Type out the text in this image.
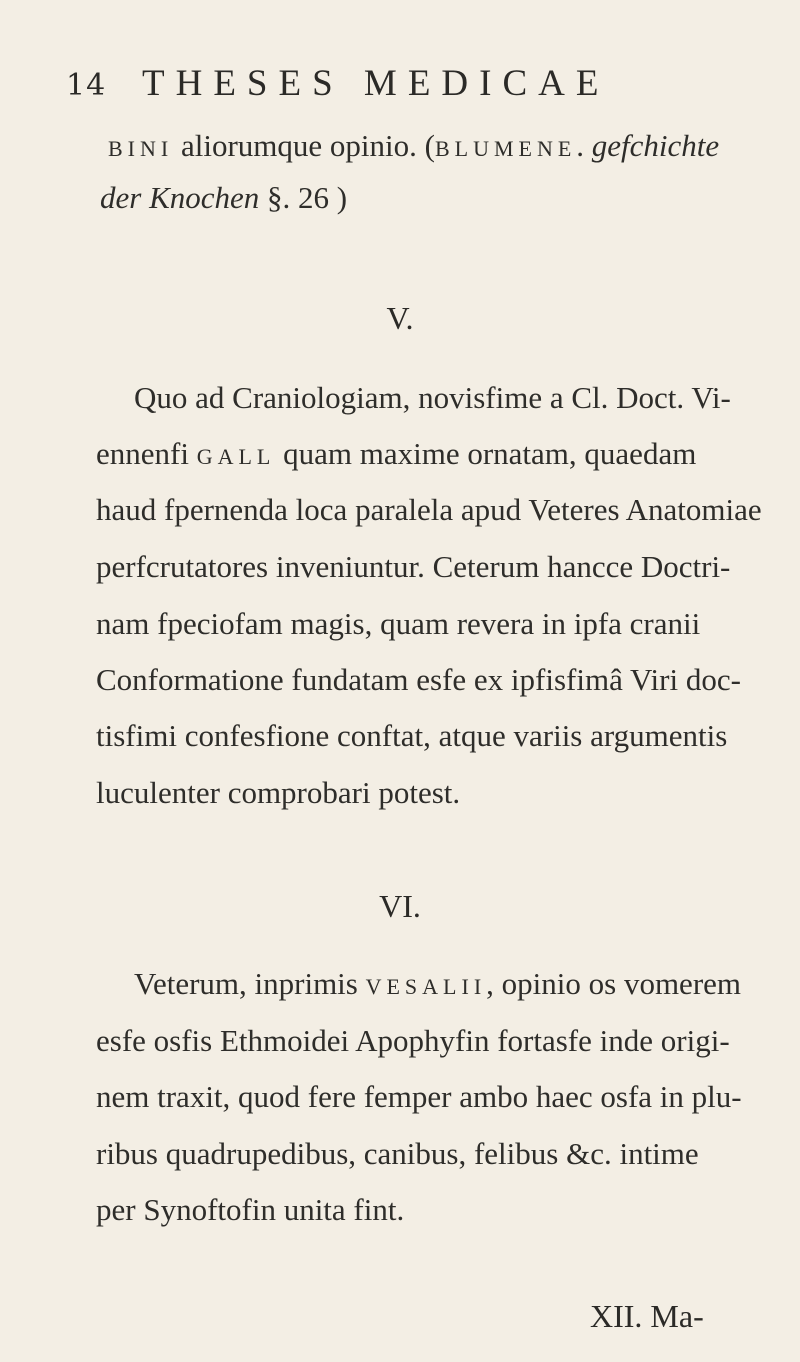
14 THESES MEDICAE
BINI aliorumque opinio. (BLUMENE. gefchichte
der Knochen §. 26 )
V.
Quo ad Craniologiam, novisfime a Cl. Doct. Vi-
ennenfi GALL quam maxime ornatam, quaedam
haud fpernenda loca paralela apud Veteres Anatomiae
perfcrutatores inveniuntur. Ceterum hancce Doctri-
nam fpeciofam magis, quam revera in ipfa cranii
Conformatione fundatam esfe ex ipfisfimâ Viri doc-
tisfimi confesfione conftat, atque variis argumentis
luculenter comprobari potest.
VI.
Veterum, inprimis VESALII, opinio os vomerem
esfe osfis Ethmoidei Apophyfin fortasfe inde origi-
nem traxit, quod fere femper ambo haec osfa in plu-
ribus quadrupedibus, canibus, felibus &c. intime
per Synoftofin unita fint.
XII. Ma-
